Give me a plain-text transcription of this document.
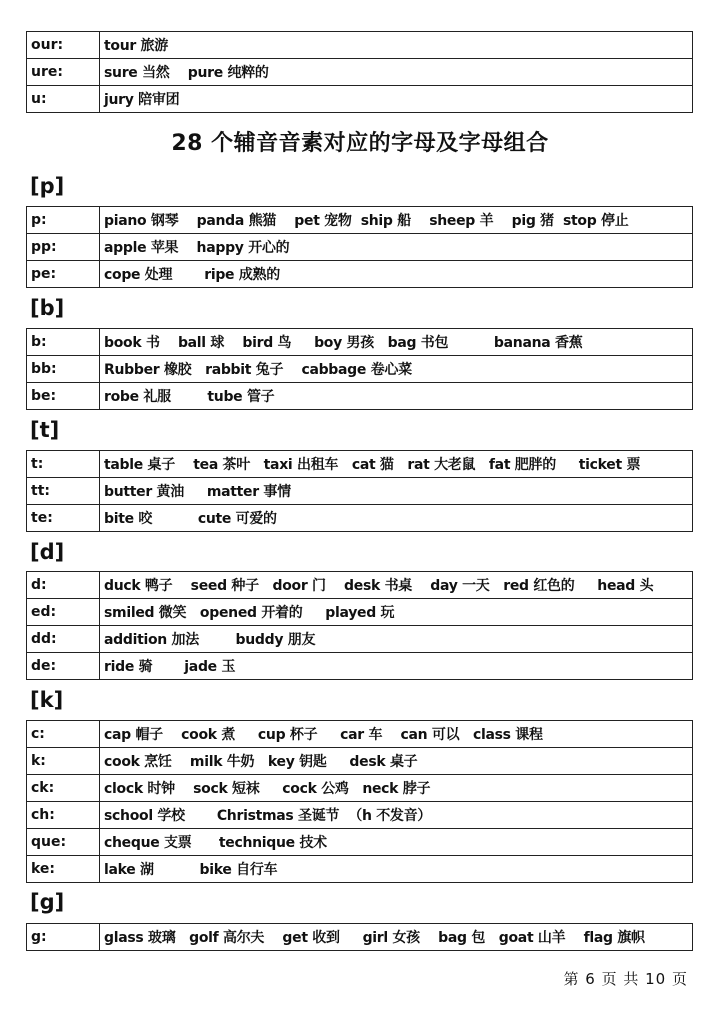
our:	tour 旅游
ure:	sure 当然    pure 纯粹的
u:	jury 陪审团
28 个辅音音素对应的字母及字母组合
[p]
p:	piano 钢琴    panda 熊猫    pet 宠物  ship 船    sheep 羊    pig 猪  stop 停止
pp:	apple 苹果    happy 开心的
pe:	cope 处理       ripe 成熟的
[b]
b:	book 书    ball 球    bird 鸟     boy 男孩   bag 书包          banana 香蕉
bb:	Rubber 橡胶   rabbit 兔子    cabbage 卷心菜
be:	robe 礼服        tube 管子
[t]
t:	table 桌子    tea 茶叶   taxi 出租车   cat 猫   rat 大老鼠   fat 肥胖的     ticket 票
tt:	butter 黄油     matter 事情
te:	bite 咬          cute 可爱的
[d]
d:	duck 鸭子    seed 种子   door 门    desk 书桌    day 一天   red 红色的     head 头
ed:	smiled 微笑   opened 开着的     played 玩
dd:	addition 加法        buddy 朋友
de:	ride 骑       jade 玉
[k]
c:	cap 帽子    cook 煮     cup 杯子     car 车    can 可以   class 课程
k:	cook 烹饪    milk 牛奶   key 钥匙     desk 桌子
ck:	clock 时钟    sock 短袜     cock 公鸡   neck 脖子
ch:	school 学校       Christmas 圣诞节  （h 不发音）
que:	cheque 支票      technique 技术
ke:	lake 湖          bike 自行车
[g]
g:	glass 玻璃   golf 高尔夫    get 收到     girl 女孩    bag 包   goat 山羊    flag 旗帜
第 6 页 共 10 页
